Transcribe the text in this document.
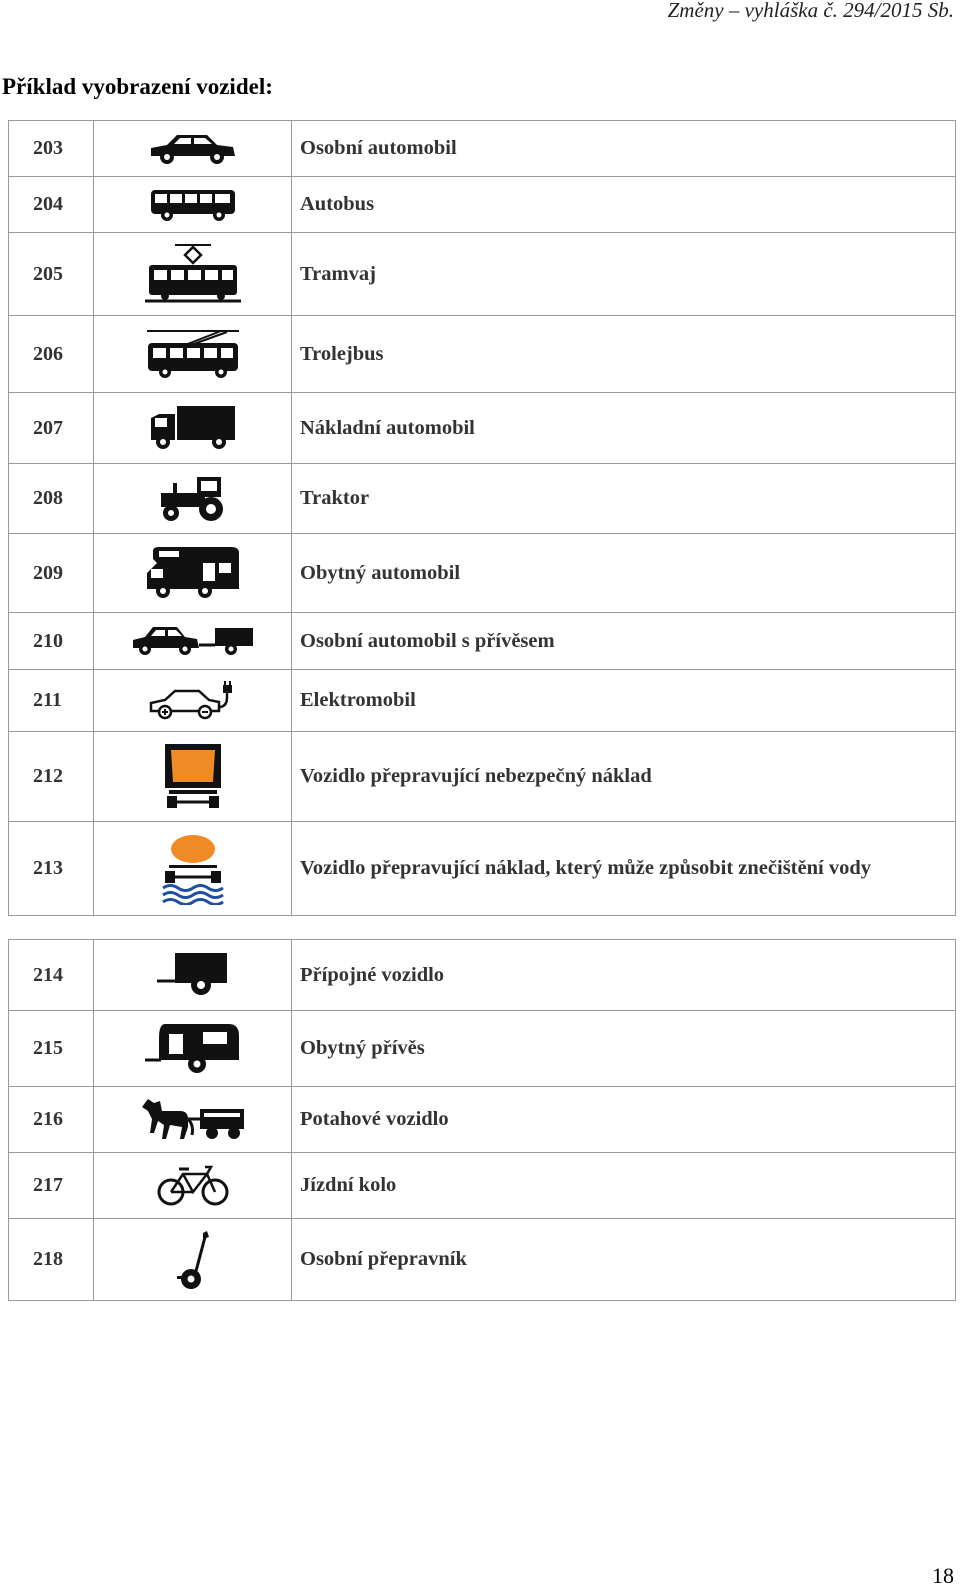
Změny – vyhláška č. 294/2015 Sb.
Příklad vyobrazení vozidel:
203		Osobní automobil
204		Autobus
205		Tramvaj
206		Trolejbus
207		Nákladní automobil
208		Traktor
209		Obytný automobil
210		Osobní automobil s přívěsem
211		Elektromobil
212		Vozidlo přepravující nebezpečný náklad
213		Vozidlo přepravující náklad, který může způsobit znečištění vody
214		Přípojné vozidlo
215		Obytný přívěs
216		Potahové vozidlo
217		Jízdní kolo
218		Osobní přepravník
18
